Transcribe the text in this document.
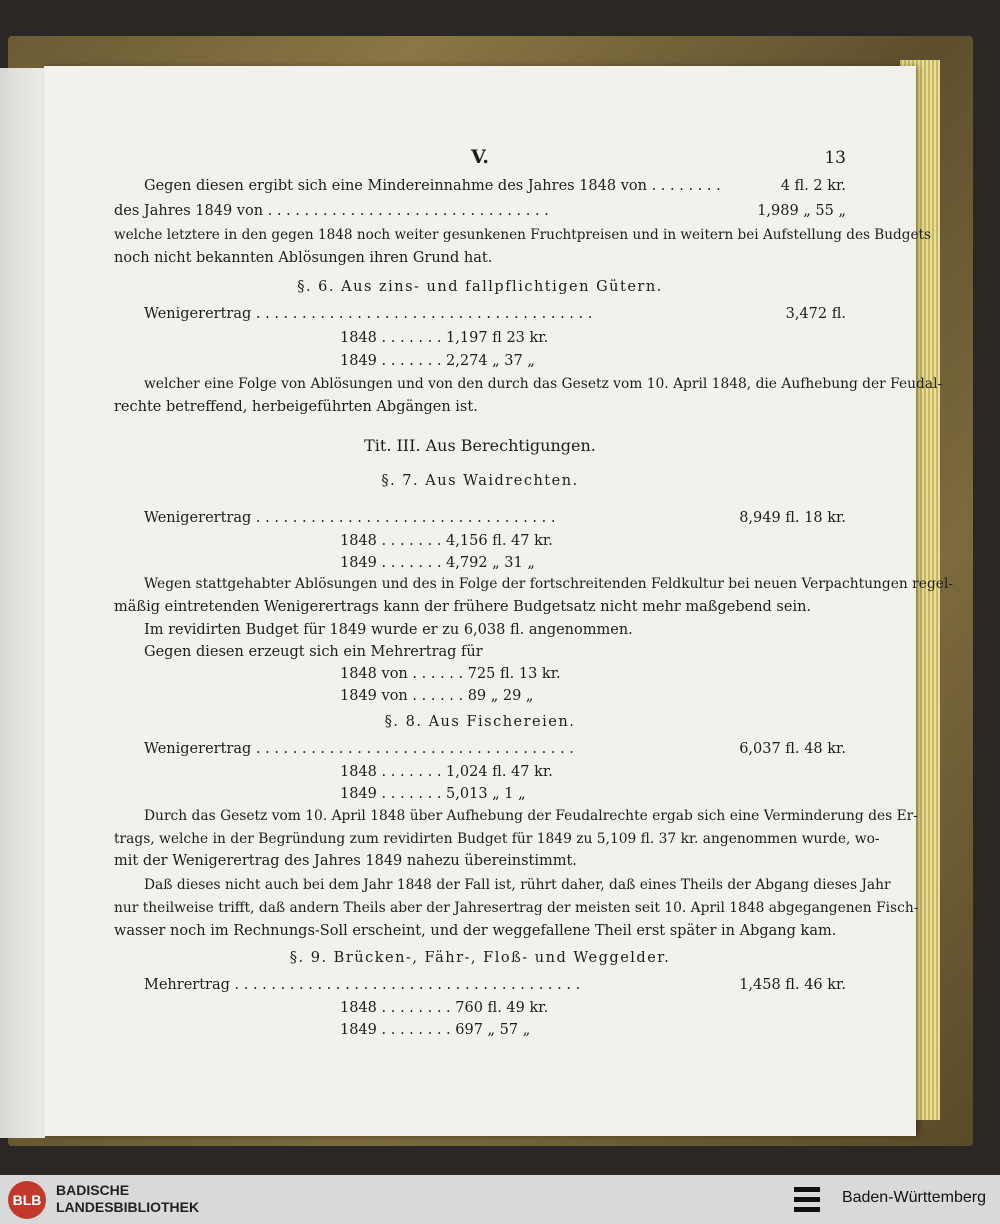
V.	13
Gegen diesen ergibt sich eine Mindereinnahme des Jahres 1848 von . . . . . . . .	4 fl. 2 kr.
des Jahres 1849 von . . . . . . . . . . . . . . . . . . . . . . . . . . . . . . .	1,989 „ 55 „
welche letztere in den gegen 1848 noch weiter gesunkenen Fruchtpreisen und in weitern bei Aufstellung des Budgets
noch nicht bekannten Ablösungen ihren Grund hat.
§. 6. Aus zins- und fallpflichtigen Gütern.
Wenigerertrag . . . . . . . . . . . . . . . . . . . . . . . . . . . . . . . . . . . . .	3,472 fl.
1848 . . . . . . . 1,197 fl 23 kr.
1849 . . . . . . . 2,274 „ 37 „
welcher eine Folge von Ablösungen und von den durch das Gesetz vom 10. April 1848, die Aufhebung der Feudal-
rechte betreffend, herbeigeführten Abgängen ist.
Tit. III. Aus Berechtigungen.
§. 7. Aus Waidrechten.
Wenigerertrag . . . . . . . . . . . . . . . . . . . . . . . . . . . . . . . . .	8,949 fl. 18 kr.
1848 . . . . . . . 4,156 fl. 47 kr.
1849 . . . . . . . 4,792 „ 31 „
Wegen stattgehabter Ablösungen und des in Folge der fortschreitenden Feldkultur bei neuen Verpachtungen regel-
mäßig eintretenden Wenigerertrags kann der frühere Budgetsatz nicht mehr maßgebend sein.
Im revidirten Budget für 1849 wurde er zu 6,038 fl. angenommen.
Gegen diesen erzeugt sich ein Mehrertrag für
1848 von . . . . . . 725 fl. 13 kr.
1849 von . . . . . . 89 „ 29 „
§. 8. Aus Fischereien.
Wenigerertrag . . . . . . . . . . . . . . . . . . . . . . . . . . . . . . . . . . .	6,037 fl. 48 kr.
1848 . . . . . . . 1,024 fl. 47 kr.
1849 . . . . . . . 5,013 „ 1 „
Durch das Gesetz vom 10. April 1848 über Aufhebung der Feudalrechte ergab sich eine Verminderung des Er-
trags, welche in der Begründung zum revidirten Budget für 1849 zu 5,109 fl. 37 kr. angenommen wurde, wo-
mit der Wenigerertrag des Jahres 1849 nahezu übereinstimmt.
Daß dieses nicht auch bei dem Jahr 1848 der Fall ist, rührt daher, daß eines Theils der Abgang dieses Jahr
nur theilweise trifft, daß andern Theils aber der Jahresertrag der meisten seit 10. April 1848 abgegangenen Fisch-
wasser noch im Rechnungs-Soll erscheint, und der weggefallene Theil erst später in Abgang kam.
§. 9. Brücken-, Fähr-, Floß- und Weggelder.
Mehrertrag . . . . . . . . . . . . . . . . . . . . . . . . . . . . . . . . . . . . . .	1,458 fl. 46 kr.
1848 . . . . . . . . 760 fl. 49 kr.
1849 . . . . . . . . 697 „ 57 „
BLB
BADISCHE
LANDESBIBLIOTHEK
Baden-Württemberg
